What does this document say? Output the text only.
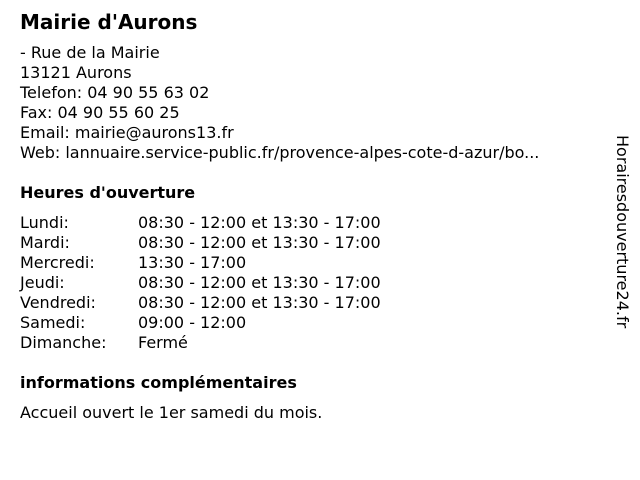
Mairie d'Aurons
- Rue de la Mairie
13121 Aurons
Telefon: 04 90 55 63 02
Fax: 04 90 55 60 25
Email: mairie@aurons13.fr
Web: lannuaire.service-public.fr/provence-alpes-cote-d-azur/bo...
Heures d'ouverture
Lundi:	08:30 - 12:00 et 13:30 - 17:00
Mardi:	08:30 - 12:00 et 13:30 - 17:00
Mercredi:	13:30 - 17:00
Jeudi:	08:30 - 12:00 et 13:30 - 17:00
Vendredi:	08:30 - 12:00 et 13:30 - 17:00
Samedi:	09:00 - 12:00
Dimanche:	Fermé
informations complémentaires
Accueil ouvert le 1er samedi du mois.
Horairesdouverture24.fr
